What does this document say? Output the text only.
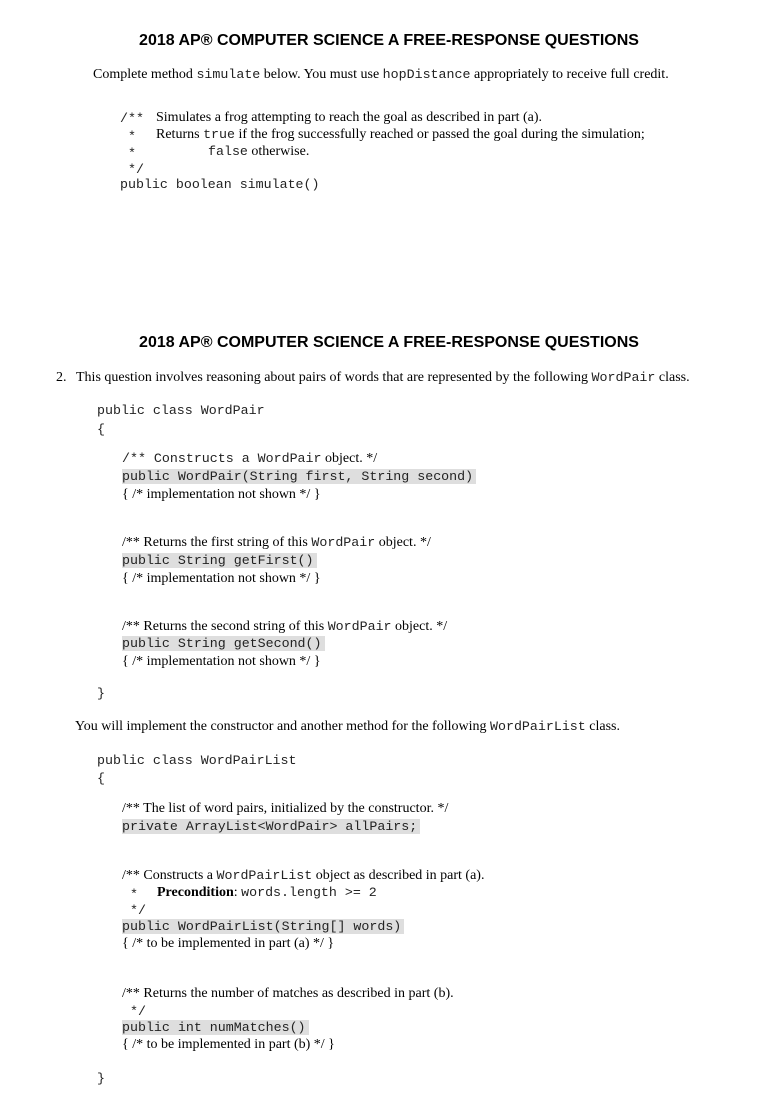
2018 AP® COMPUTER SCIENCE A FREE-RESPONSE QUESTIONS
Complete method simulate below. You must use hopDistance appropriately to receive full credit.
/** Simulates a frog attempting to reach the goal as described in part (a).
* Returns true if the frog successfully reached or passed the goal during the simulation;
*	false otherwise.
*/
public boolean simulate()
2018 AP® COMPUTER SCIENCE A FREE-RESPONSE QUESTIONS
2. This question involves reasoning about pairs of words that are represented by the following WordPair class.
public class WordPair
{
/** Constructs a WordPair object. */
public WordPair(String first, String second)
{ /* implementation not shown */ }
/** Returns the first string of this WordPair object. */
public String getFirst()
{ /* implementation not shown */ }
/** Returns the second string of this WordPair object. */
public String getSecond()
{ /* implementation not shown */ }
}
You will implement the constructor and another method for the following WordPairList class.
public class WordPairList
{
/** The list of word pairs, initialized by the constructor. */
private ArrayList<WordPair> allPairs;
/** Constructs a WordPairList object as described in part (a).
* Precondition: words.length >= 2
*/
public WordPairList(String[] words)
{ /* to be implemented in part (a) */ }
/** Returns the number of matches as described in part (b).
*/
public int numMatches()
{ /* to be implemented in part (b) */ }
}
